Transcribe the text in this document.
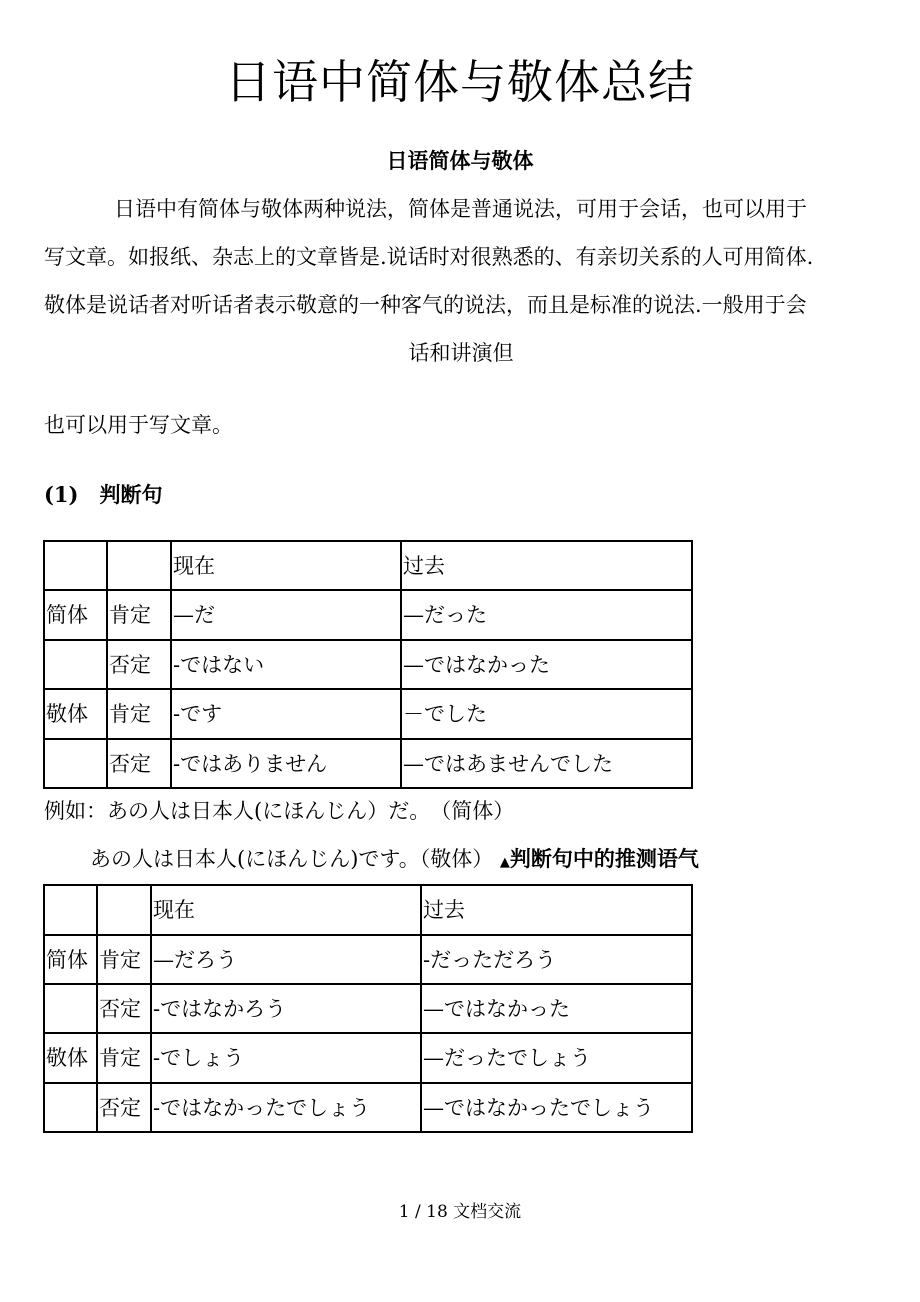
日语中简体与敬体总结
日语简体与敬体
日语中有简体与敬体两种说法，简体是普通说法，可用于会话，也可以用于
写文章。如报纸、杂志上的文章皆是.说话时对很熟悉的、有亲切关系的人可用简体.
敬体是说话者对听话者表示敬意的一种客气的说法，而且是标准的说法.一般用于会
话和讲演但
也可以用于写文章。
(1)　判断句
		现在	过去
简体	肯定	—だ	—だった
	否定	-ではない	—ではなかった
敬体	肯定	-です	－でした
	否定	-ではありません	—ではあませんでした
例如：あの人は日本人(にほんじん）だ。　（简体）
あの人は日本人(にほんじん)です。（敬体） ▲判断句中的推测语气
		现在	过去
简体	肯定	—だろう	-だっただろう
	否定	-ではなかろう	—ではなかった
敬体	肯定	-でしょう	—だったでしょう
	否定	-ではなかったでしょう	—ではなかったでしょう
1 / 18 文档交流
